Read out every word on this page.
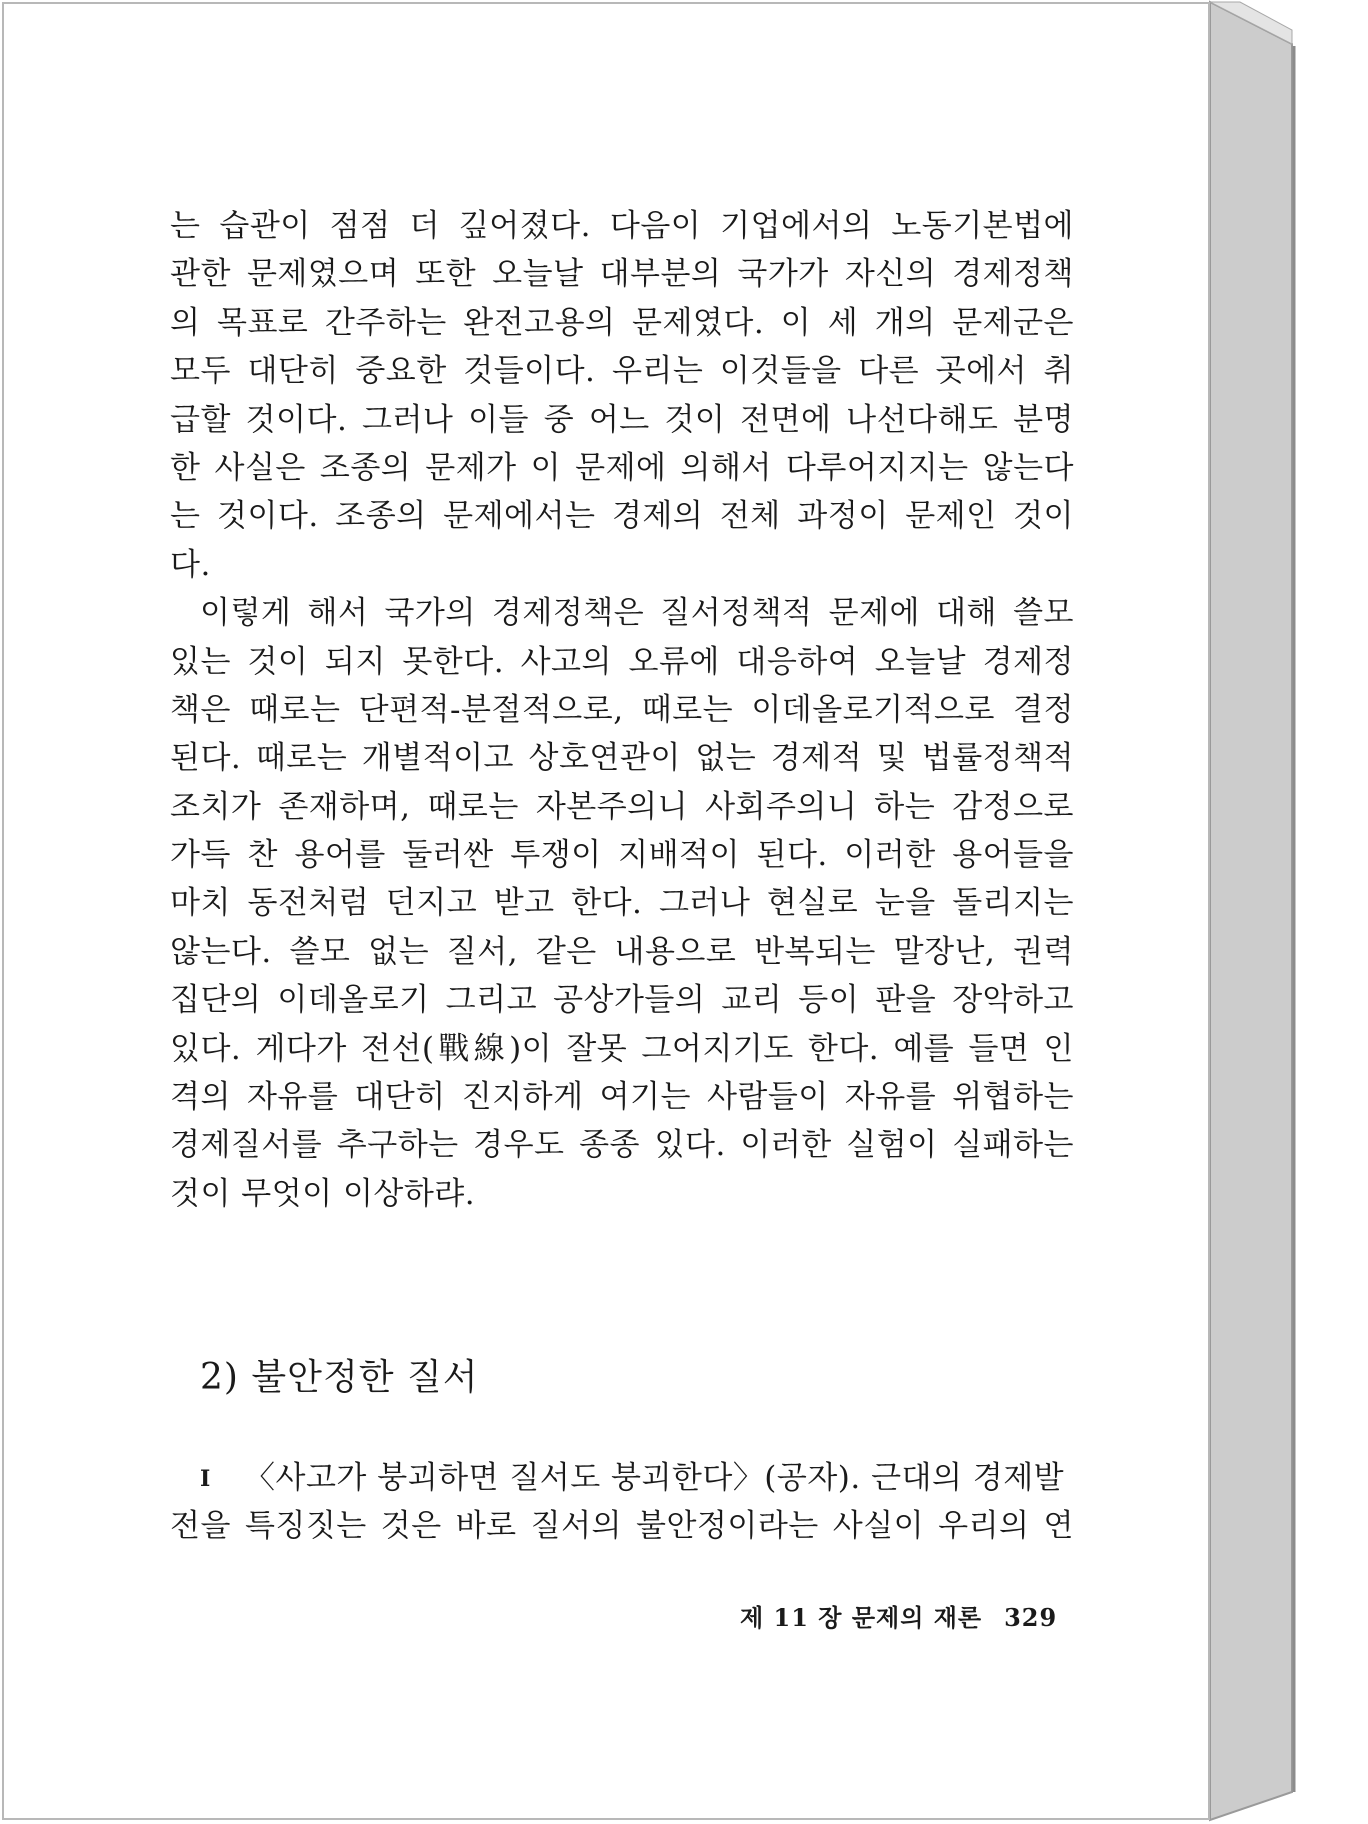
는 습관이 점점 더 깊어졌다. 다음이 기업에서의 노동기본법에
관한 문제였으며 또한 오늘날 대부분의 국가가 자신의 경제정책
의 목표로 간주하는 완전고용의 문제였다. 이 세 개의 문제군은
모두 대단히 중요한 것들이다. 우리는 이것들을 다른 곳에서 취
급할 것이다. 그러나 이들 중 어느 것이 전면에 나선다해도 분명
한 사실은 조종의 문제가 이 문제에 의해서 다루어지지는 않는다
는 것이다. 조종의 문제에서는 경제의 전체 과정이 문제인 것이
다.
이렇게 해서 국가의 경제정책은 질서정책적 문제에 대해 쓸모
있는 것이 되지 못한다. 사고의 오류에 대응하여 오늘날 경제정
책은 때로는 단편적-분절적으로, 때로는 이데올로기적으로 결정
된다. 때로는 개별적이고 상호연관이 없는 경제적 및 법률정책적
조치가 존재하며, 때로는 자본주의니 사회주의니 하는 감정으로
가득 찬 용어를 둘러싼 투쟁이 지배적이 된다. 이러한 용어들을
마치 동전처럼 던지고 받고 한다. 그러나 현실로 눈을 돌리지는
않는다. 쓸모 없는 질서, 같은 내용으로 반복되는 말장난, 권력
집단의 이데올로기 그리고 공상가들의 교리 등이 판을 장악하고
있다. 게다가 전선(戰線)이 잘못 그어지기도 한다. 예를 들면 인
격의 자유를 대단히 진지하게 여기는 사람들이 자유를 위협하는
경제질서를 추구하는 경우도 종종 있다. 이러한 실험이 실패하는
것이 무엇이 이상하랴.
2) 불안정한 질서
I 〈사고가 붕괴하면 질서도 붕괴한다〉(공자). 근대의 경제발
전을 특징짓는 것은 바로 질서의 불안정이라는 사실이 우리의 연
제 11 장 문제의 재론 329
